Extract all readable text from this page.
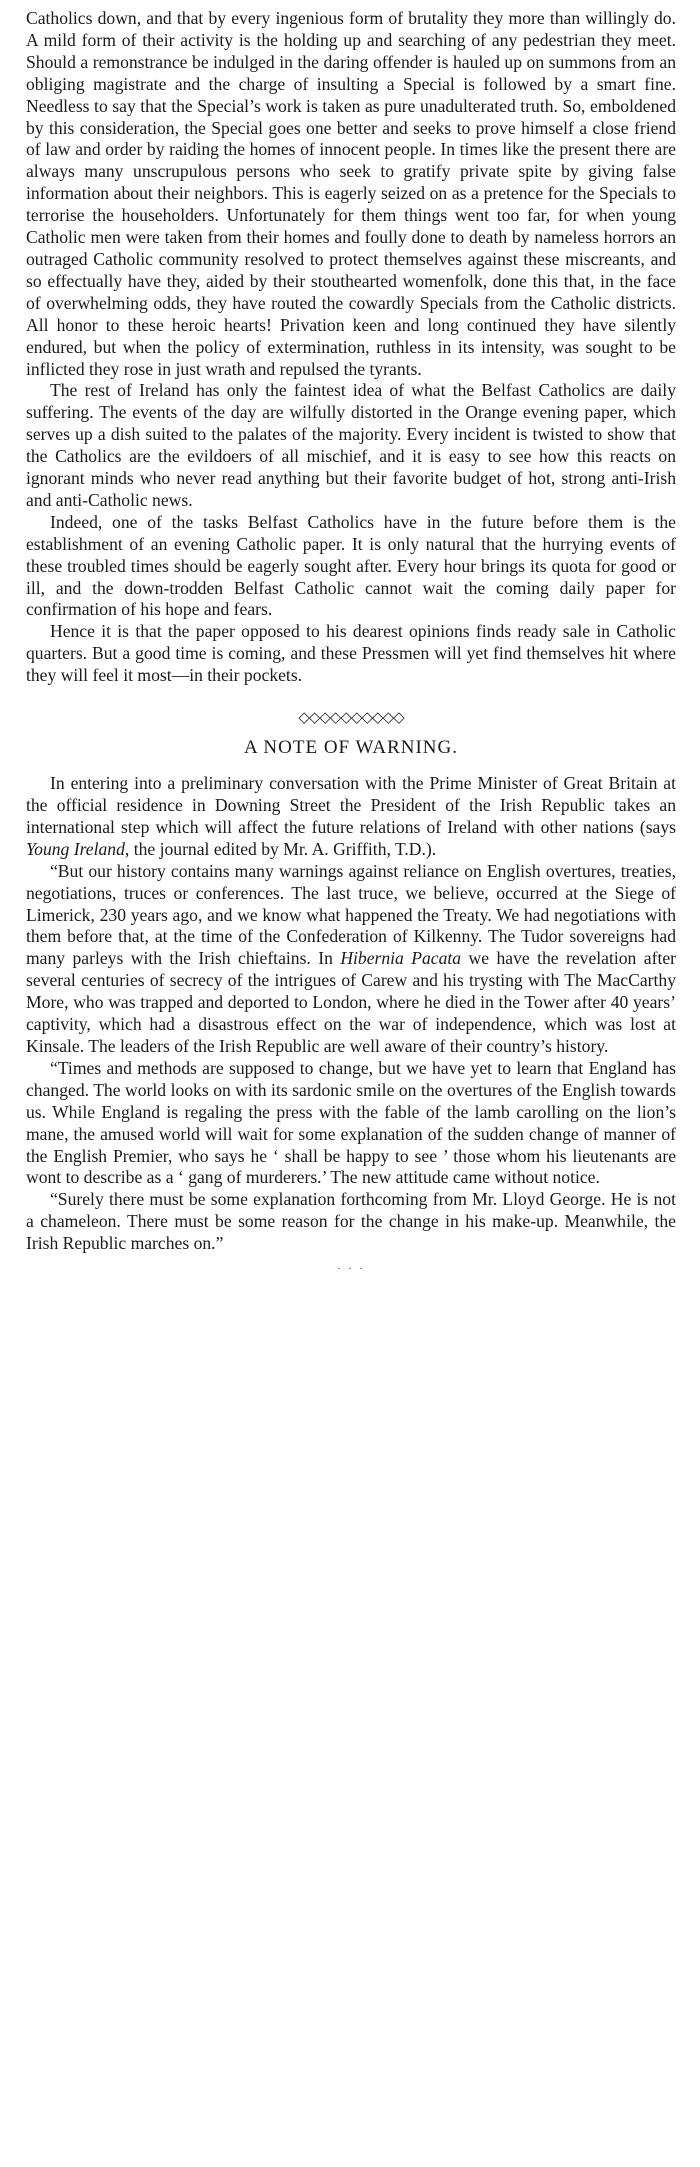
Catholics down, and that by every ingenious form of brutality they more than willingly do. A mild form of their activity is the holding up and searching of any pedestrian they meet. Should a remonstrance be indulged in the daring offender is hauled up on summons from an obliging magistrate and the charge of insulting a Special is followed by a smart fine. Needless to say that the Special’s work is taken as pure unadulterated truth. So, emboldened by this consideration, the Special goes one better and seeks to prove himself a close friend of law and order by raiding the homes of innocent people. In times like the present there are always many unscrupulous persons who seek to gratify private spite by giving false information about their neighbors. This is eagerly seized on as a pretence for the Specials to terrorise the householders. Unfortunately for them things went too far, for when young Catholic men were taken from their homes and foully done to death by nameless horrors an outraged Catholic community resolved to protect themselves against these miscreants, and so effectually have they, aided by their stouthearted womenfolk, done this that, in the face of overwhelming odds, they have routed the cowardly Specials from the Catholic districts. All honor to these heroic hearts! Privation keen and long continued they have silently endured, but when the policy of extermination, ruthless in its intensity, was sought to be inflicted they rose in just wrath and repulsed the tyrants.

The rest of Ireland has only the faintest idea of what the Belfast Catholics are daily suffering. The events of the day are wilfully distorted in the Orange evening paper, which serves up a dish suited to the palates of the majority. Every incident is twisted to show that the Catholics are the evildoers of all mischief, and it is easy to see how this reacts on ignorant minds who never read anything but their favorite budget of hot, strong anti-Irish and anti-Catholic news.

Indeed, one of the tasks Belfast Catholics have in the future before them is the establishment of an evening Catholic paper. It is only natural that the hurrying events of these troubled times should be eagerly sought after. Every hour brings its quota for good or ill, and the down-trodden Belfast Catholic cannot wait the coming daily paper for confirmation of his hope and fears.

Hence it is that the paper opposed to his dearest opinions finds ready sale in Catholic quarters. But a good time is coming, and these Pressmen will yet find themselves hit where they will feel it most—in their pockets.

◇◇◇◇◇◇◇◇◇◇
A NOTE OF WARNING.

In entering into a preliminary conversation with the Prime Minister of Great Britain at the official residence in Downing Street the President of the Irish Republic takes an international step which will affect the future relations of Ireland with other nations (says Young Ireland, the journal edited by Mr. A. Griffith, T.D.).

“But our history contains many warnings against reliance on English overtures, treaties, negotiations, truces or conferences. The last truce, we believe, occurred at the Siege of Limerick, 230 years ago, and we know what happened the Treaty. We had negotiations with them before that, at the time of the Confederation of Kilkenny. The Tudor sovereigns had many parleys with the Irish chieftains. In Hibernia Pacata we have the revelation after several centuries of secrecy of the intrigues of Carew and his trysting with The MacCarthy More, who was trapped and deported to London, where he died in the Tower after 40 years’ captivity, which had a disastrous effect on the war of independence, which was lost at Kinsale. The leaders of the Irish Republic are well aware of their country’s history.

“Times and methods are supposed to change, but we have yet to learn that England has changed. The world looks on with its sardonic smile on the overtures of the English towards us. While England is regaling the press with the fable of the lamb carolling on the lion’s mane, the amused world will wait for some explanation of the sudden change of manner of the English Premier, who says he ‘ shall be happy to see ’ those whom his lieutenants are wont to describe as a ‘ gang of murderers.’ The new attitude came without notice.

“Surely there must be some explanation forthcoming from Mr. Lloyd George. He is not a chameleon. There must be some reason for the change in his make-up. Meanwhile, the Irish Republic marches on.”

· · ·
